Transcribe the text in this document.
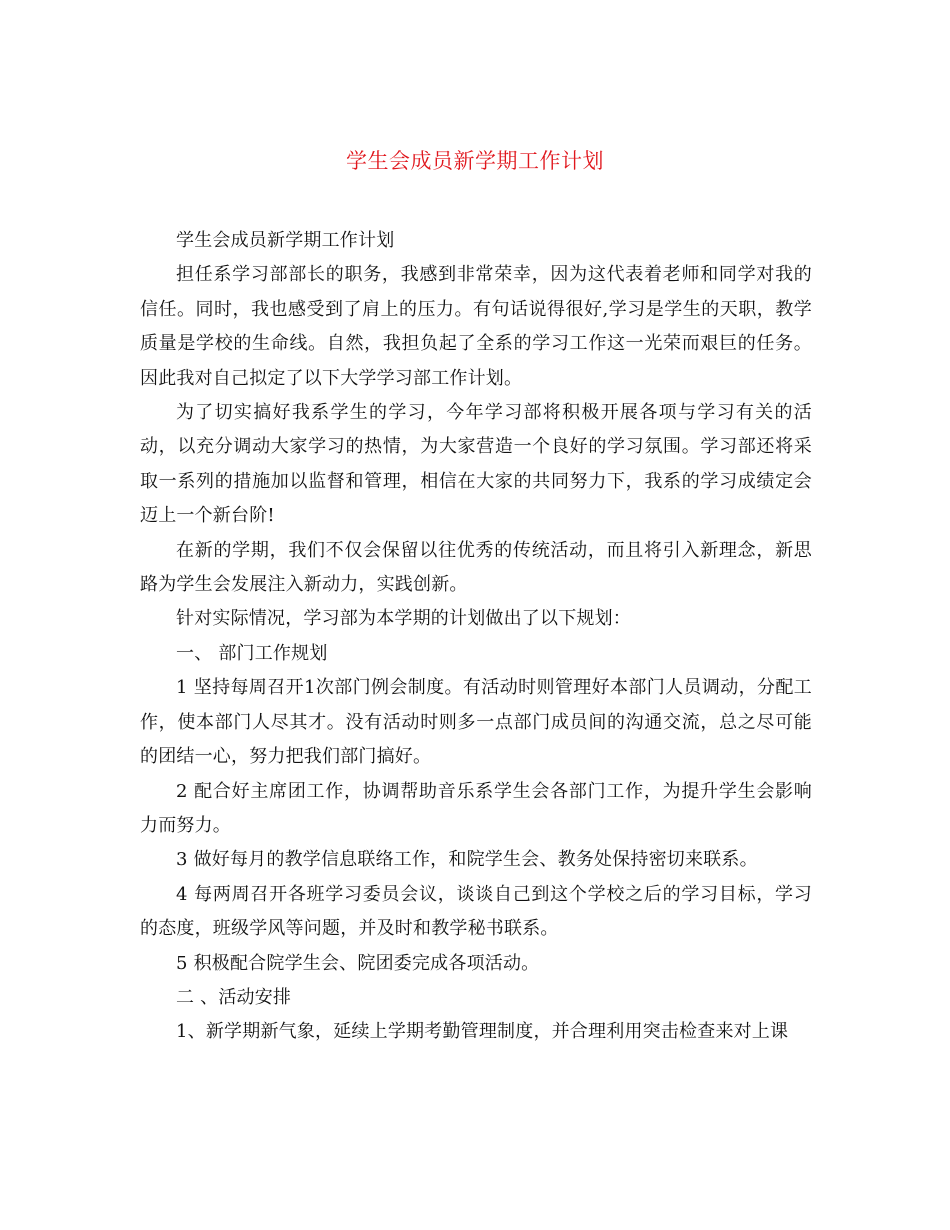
学生会成员新学期工作计划

学生会成员新学期工作计划

担任系学习部部长的职务，我感到非常荣幸，因为这代表着老师和同学对我的信任。同时，我也感受到了肩上的压力。有句话说得很好,学习是学生的天职，教学质量是学校的生命线。自然，我担负起了全系的学习工作这一光荣而艰巨的任务。因此我对自己拟定了以下大学学习部工作计划。

为了切实搞好我系学生的学习，今年学习部将积极开展各项与学习有关的活动，以充分调动大家学习的热情，为大家营造一个良好的学习氛围。学习部还将采取一系列的措施加以监督和管理，相信在大家的共同努力下，我系的学习成绩定会迈上一个新台阶!

在新的学期，我们不仅会保留以往优秀的传统活动，而且将引入新理念，新思路为学生会发展注入新动力，实践创新。

针对实际情况，学习部为本学期的计划做出了以下规划：

一、 部门工作规划

1 坚持每周召开1次部门例会制度。有活动时则管理好本部门人员调动，分配工作，使本部门人尽其才。没有活动时则多一点部门成员间的沟通交流，总之尽可能的团结一心，努力把我们部门搞好。

2 配合好主席团工作，协调帮助音乐系学生会各部门工作，为提升学生会影响力而努力。

3 做好每月的教学信息联络工作，和院学生会、教务处保持密切来联系。

4 每两周召开各班学习委员会议，谈谈自己到这个学校之后的学习目标，学习的态度，班级学风等问题，并及时和教学秘书联系。

5 积极配合院学生会、院团委完成各项活动。

二 、活动安排

1、新学期新气象，延续上学期考勤管理制度，并合理利用突击检查来对上课
